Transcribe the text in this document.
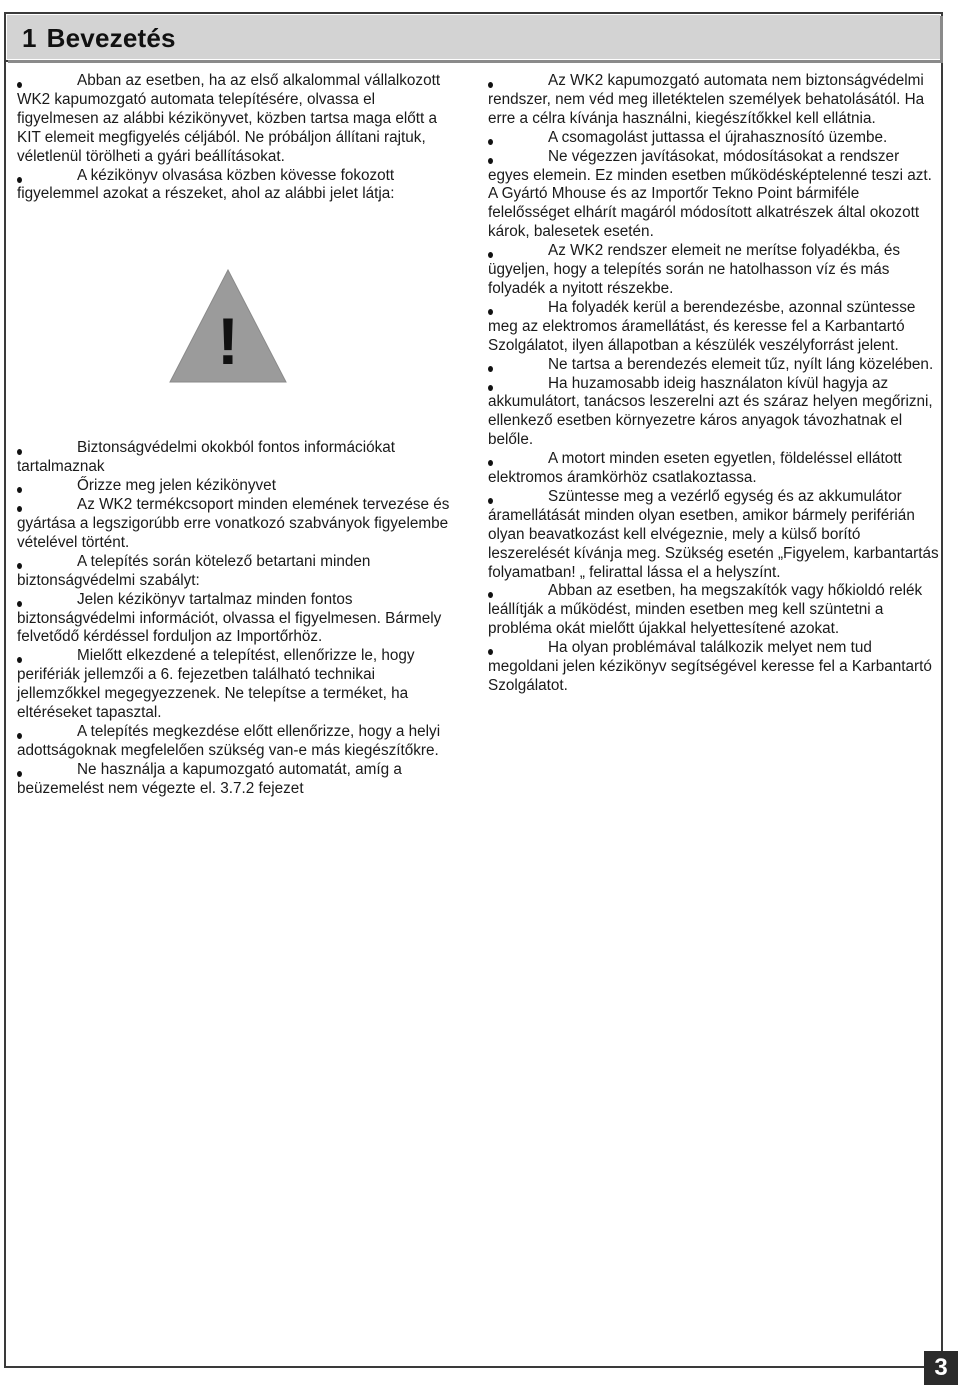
1 Bevezetés

Abban az esetben, ha az első alkalommal vállalkozott WK2 kapumozgató automata telepítésére, olvassa el figyelmesen az alábbi kézikönyvet, közben tartsa maga előtt a KIT elemeit megfigyelés céljából. Ne próbáljon állítani rajtuk, véletlenül törölheti a gyári beállításokat.

A kézikönyv olvasása közben kövesse fokozott figyelemmel azokat a részeket, ahol az alábbi jelet látja:

Biztonságvédelmi okokból fontos információkat tartalmaznak

Őrizze meg jelen kézikönyvet

Az WK2 termékcsoport minden elemének tervezése és gyártása a legszigorúbb erre vonatkozó szabványok figyelembe vételével történt.

A telepítés során kötelező betartani minden biztonságvédelmi szabályt:

Jelen kézikönyv tartalmaz minden fontos biztonságvédelmi információt, olvassa el figyelmesen. Bármely felvetődő kérdéssel forduljon az Importőrhöz.

Mielőtt elkezdené a telepítést, ellenőrizze le, hogy perifériák jellemzői a 6. fejezetben található technikai jellemzőkkel megegyezzenek. Ne telepítse a terméket, ha eltéréseket tapasztal.

A telepítés megkezdése előtt ellenőrizze, hogy a helyi adottságoknak megfelelően szükség van-e más kiegészítőkre.

Ne használja a kapumozgató automatát, amíg a beüzemelést nem végezte el. 3.7.2 fejezet

!

Az WK2 kapumozgató automata nem biztonságvédelmi rendszer, nem véd meg illetéktelen személyek behatolásától. Ha erre a célra kívánja használni, kiegészítőkkel kell ellátnia.

A csomagolást juttassa el újrahasznosító üzembe.

Ne végezzen javításokat, módosításokat a rendszer egyes elemein. Ez minden esetben működésképtelenné teszi azt. A Gyártó Mhouse és az Importőr Tekno Point bármiféle felelősséget elhárít magáról módosított alkatrészek által okozott károk, balesetek esetén.

Az WK2 rendszer elemeit ne merítse folyadékba, és ügyeljen, hogy a telepítés során ne hatolhasson víz és más folyadék a nyitott részekbe.

Ha folyadék kerül a berendezésbe, azonnal szüntesse meg az elektromos áramellátást, és keresse fel a Karbantartó Szolgálatot, ilyen állapotban a készülék veszélyforrást jelent.

Ne tartsa a berendezés elemeit tűz, nyílt láng közelében.

Ha huzamosabb ideig használaton kívül hagyja az akkumulátort, tanácsos leszerelni azt és száraz helyen megőrizni, ellenkező esetben környezetre káros anyagok távozhatnak el belőle.

A motort minden eseten egyetlen, földeléssel ellátott elektromos áramkörhöz csatlakoztassa.

Szüntesse meg a vezérlő egység és az akkumulátor áramellátását minden olyan esetben, amikor bármely periférián olyan beavatkozást kell elvégeznie, mely a külső borító leszerelését kívánja meg. Szükség esetén „Figyelem, karbantartás folyamatban! „ felirattal lássa el a helyszínt.

Abban az esetben, ha megszakítók vagy hőkioldó relék leállítják a működést, minden esetben meg kell szüntetni a probléma okát mielőtt újakkal helyettesítené azokat.

Ha olyan problémával találkozik melyet nem tud megoldani jelen kézikönyv segítségével keresse fel a Karbantartó Szolgálatot.

3
